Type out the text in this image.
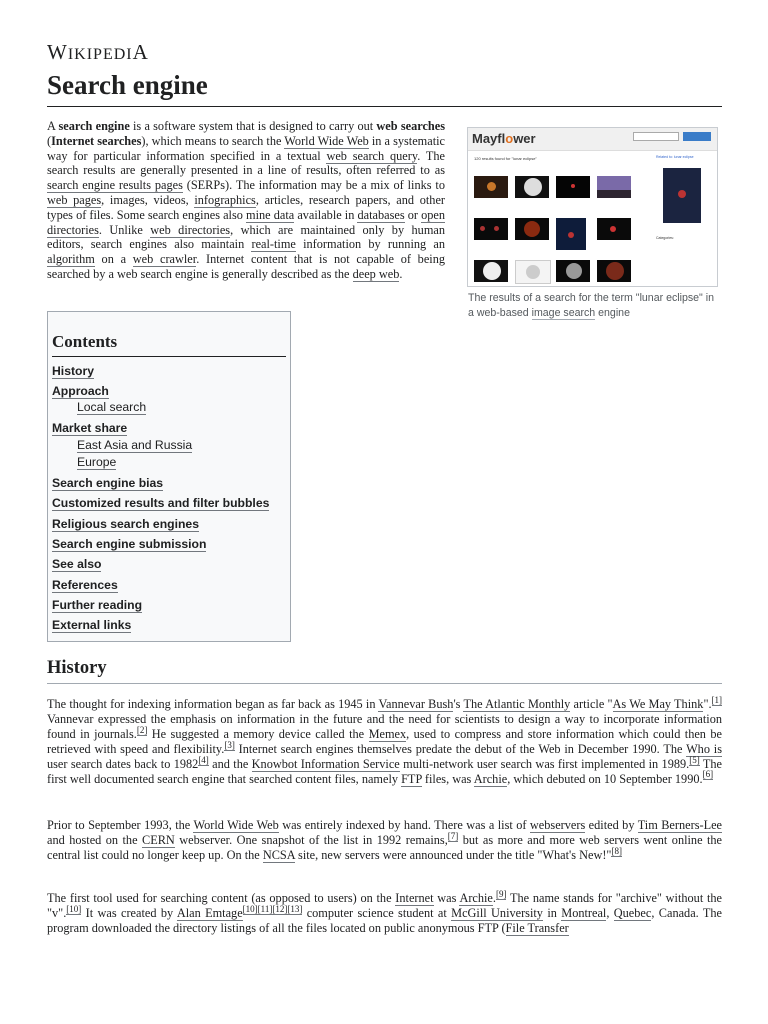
WIKIPEDIA
Search engine

A search engine is a software system that is designed to carry out web searches (Internet searches), which means to search the World Wide Web in a systematic way for particular information specified in a textual web search query. The search results are generally presented in a line of results, often referred to as search engine results pages (SERPs). The information may be a mix of links to web pages, images, videos, infographics, articles, research papers, and other types of files. Some search engines also mine data available in databases or open directories. Unlike web directories, which are maintained only by human editors, search engines also maintain real-time information by running an algorithm on a web crawler. Internet content that is not capable of being searched by a web search engine is generally described as the deep web.

Mayflower
120 results found for "lunar eclipse"	Related to: lunar eclipse
Categories:
The results of a search for the term "lunar eclipse" in a web-based image search engine
Contents
History
Approach
Local search
Market share
East Asia and Russia
Europe
Search engine bias
Customized results and filter bubbles
Religious search engines
Search engine submission
See also
References
Further reading
External links
History

The thought for indexing information began as far back as 1945 in Vannevar Bush's The Atlantic Monthly article "As We May Think".[1] Vannevar expressed the emphasis on information in the future and the need for scientists to design a way to incorporate information found in journals.[2] He suggested a memory device called the Memex, used to compress and store information which could then be retrieved with speed and flexibility.[3] Internet search engines themselves predate the debut of the Web in December 1990. The Who is user search dates back to 1982[4] and the Knowbot Information Service multi-network user search was first implemented in 1989.[5] The first well documented search engine that searched content files, namely FTP files, was Archie, which debuted on 10 September 1990.[6]

Prior to September 1993, the World Wide Web was entirely indexed by hand. There was a list of webservers edited by Tim Berners-Lee and hosted on the CERN webserver. One snapshot of the list in 1992 remains,[7] but as more and more web servers went online the central list could no longer keep up. On the NCSA site, new servers were announced under the title "What's New!"[8]

The first tool used for searching content (as opposed to users) on the Internet was Archie.[9] The name stands for "archive" without the "v".[10] It was created by Alan Emtage[10][11][12][13] computer science student at McGill University in Montreal, Quebec, Canada. The program downloaded the directory listings of all the files located on public anonymous FTP (File Transfer
